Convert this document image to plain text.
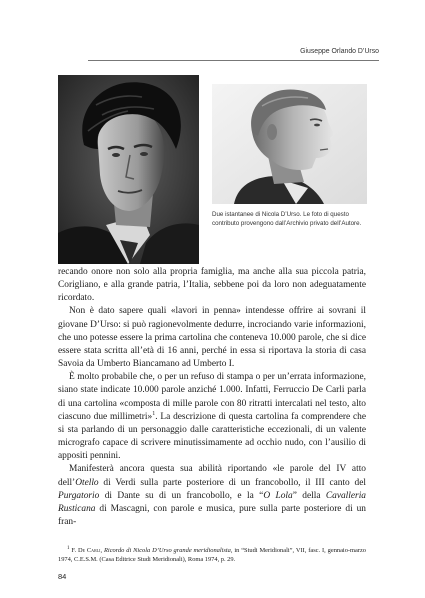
Giuseppe Orlando D’Urso
Due istantanee di Nicola D’Urso. Le foto di questo contributo provengono dall’Archivio privato dell’Autore.

recando onore non solo alla propria famiglia, ma anche alla sua piccola patria, Corigliano, e alla grande patria, l’Italia, sebbene poi da loro non adeguatamente ricordato.

Non è dato sapere quali «lavori in penna» intendesse offrire ai sovrani il giovane D’Urso: si può ragionevolmente dedurre, incrociando varie informazioni, che uno potesse essere la prima cartolina che conteneva 10.000 parole, che si dice essere stata scritta all’età di 16 anni, perché in essa si riportava la storia di casa Savoia da Umberto Biancamano ad Umberto I.

È molto probabile che, o per un refuso di stampa o per un’errata informazione, siano state indicate 10.000 parole anziché 1.000. Infatti, Ferruccio De Carli parla di una cartolina «composta di mille parole con 80 ritratti intercalati nel testo, alto ciascuno due millimetri»$^1$. La descrizione di questa cartolina fa comprendere che si sta parlando di un personaggio dalle caratteristiche eccezionali, di un valente micrografo capace di scrivere minutissimamente ad occhio nudo, con l’ausilio di appositi pennini.

Manifesterà ancora questa sua abilità riportando «le parole del IV atto dell’Otello di Verdi sulla parte posteriore di un francobollo, il III canto del Purgatorio di Dante su di un francobollo, e la “O Lola” della Cavalleria Rusticana di Mascagni, con parole e musica, pure sulla parte posteriore di un fran-

$^1$ F. De Carli, Ricordo di Nicola D’Urso grande meridionalista, in “Studi Meridionali”, VII, fasc. I, gennaio-marzo 1974, C.E.S.M. (Casa Editrice Studi Meridionali), Roma 1974, p. 29.
84
